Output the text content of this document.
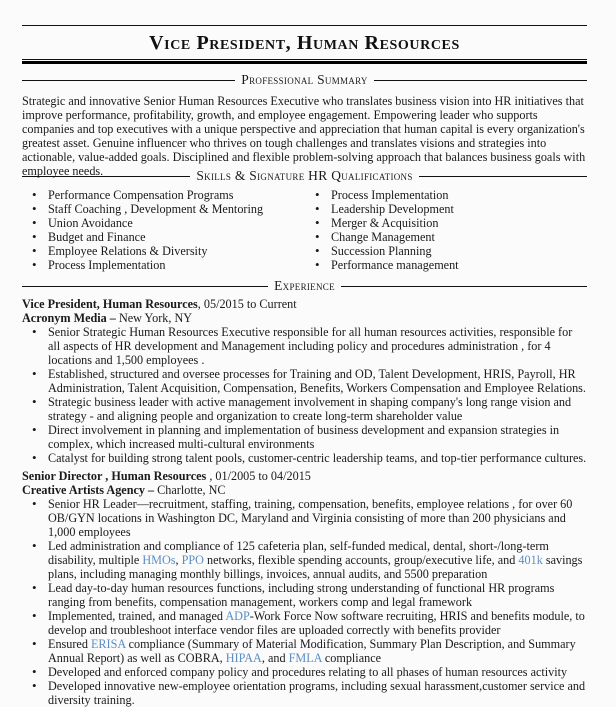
Vice President, Human Resources
Professional Summary
Strategic and innovative Senior Human Resources Executive who translates business vision into HR initiatives that improve performance, profitability, growth, and employee engagement. Empowering leader who supports companies and top executives with a unique perspective and appreciation that human capital is every organization's greatest asset. Genuine influencer who thrives on tough challenges and translates visions and strategies into actionable, value-added goals. Disciplined and flexible problem-solving approach that balances business goals with employee needs.	Skills & Signature HR Qualifications
• Performance Compensation Programs
• Staff Coaching , Development & Mentoring
• Union Avoidance
• Budget and Finance
• Employee Relations & Diversity
• Process Implementation
• Process Implementation
• Leadership Development
• Merger & Acquisition
• Change Management
• Succession Planning
• Performance management
Experience
Vice President, Human Resources, 05/2015 to Current
Acronym Media – New York, NY
• Senior Strategic Human Resources Executive responsible for all human resources activities, responsible for all aspects of HR development and Management including policy and procedures administration , for 4 locations and 1,500 employees .
• Established, structured and oversee processes for Training and OD, Talent Development, HRIS, Payroll, HR Administration, Talent Acquisition, Compensation, Benefits, Workers Compensation and Employee Relations.
• Strategic business leader with active management involvement in shaping company's long range vision and strategy - and aligning people and organization to create long-term shareholder value
• Direct involvement in planning and implementation of business development and expansion strategies in complex, which increased multi-cultural environments
• Catalyst for building strong talent pools, customer-centric leadership teams, and top-tier performance cultures.
Senior Director , Human Resources , 01/2005 to 04/2015
Creative Artists Agency – Charlotte, NC
• Senior HR Leader—recruitment, staffing, training, compensation, benefits, employee relations , for over 60 OB/GYN locations in Washington DC, Maryland and Virginia consisting of more than 200 physicians and 1,000 employees
• Led administration and compliance of 125 cafeteria plan, self-funded medical, dental, short-/long-term disability, multiple HMOs, PPO networks, flexible spending accounts, group/executive life, and 401k savings plans, including managing monthly billings, invoices, annual audits, and 5500 preparation
• Lead day-to-day human resources functions, including strong understanding of functional HR programs ranging from benefits, compensation management, workers comp and legal framework
• Implemented, trained, and managed ADP-Work Force Now software recruiting, HRIS and benefits module, to develop and troubleshoot interface vendor files are uploaded correctly with benefits provider
• Ensured ERISA compliance (Summary of Material Modification, Summary Plan Description, and Summary Annual Report) as well as COBRA, HIPAA, and FMLA compliance
• Developed and enforced company policy and procedures relating to all phases of human resources activity
• Developed innovative new-employee orientation programs, including sexual harassment,customer service and diversity training.
